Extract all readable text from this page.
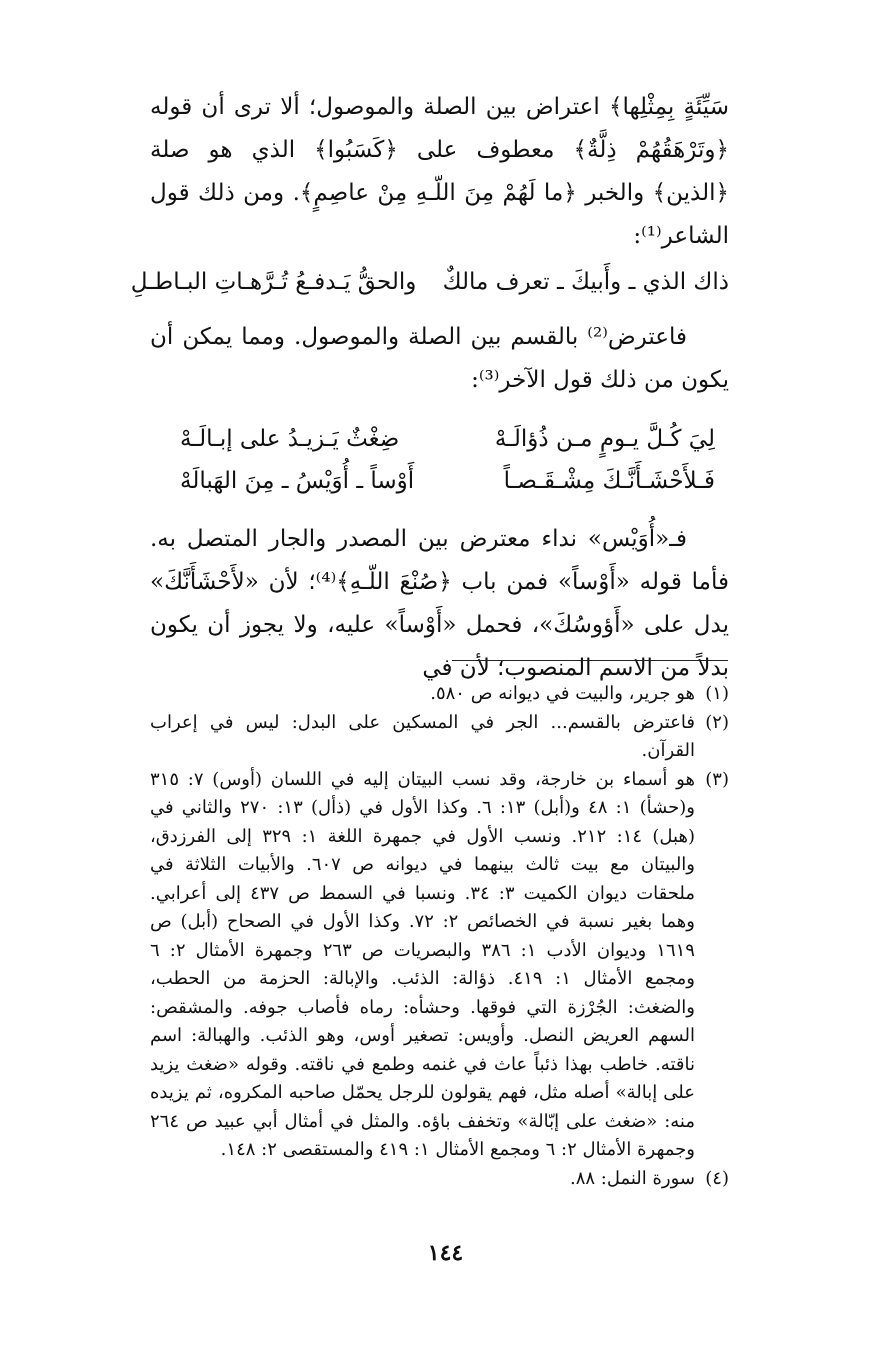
سَيِّئَةٍ بِمِثْلِها﴾ اعتراض بين الصلة والموصول؛ ألا ترى أن قوله ﴿وتَرْهَقُهُمْ ذِلَّةٌ﴾ معطوف على ﴿كَسَبُوا﴾ الذي هو صلة ﴿الذين﴾ والخبر ﴿ما لَهُمْ مِنَ اللّـهِ مِنْ عاصِمٍ﴾. ومن ذلك قول الشاعر⁽¹⁾:

ذاك الذي ـ وأَبيكَ ـ تعرف مالكٌ
والحقُّ يَـدفـعُ تُـرَّهـاتِ البـاطـلِ

فاعترض⁽²⁾ بالقسم بين الصلة والموصول. ومما يمكن أن يكون من ذلك قول الآخر⁽³⁾:

لِيَ كُـلَّ يـومٍ مـن ذُؤالَـهْ
ضِغْثٌ يَـزيـدُ على إبـالَـهْ
فَـلأَحْشَـأَنَّـكَ مِشْـقَـصـاً
أَوْساً ـ أُوَيْسُ ـ مِنَ الهَبالَهْ

فـ«أُوَيْس» نداء معترض بين المصدر والجار المتصل به. فأما قوله «أَوْساً» فمن باب ﴿صُنْعَ اللّـهِ﴾⁽⁴⁾؛ لأن «لأَحْشَأَنَّكَ» يدل على «أَؤوسُكَ»، فحمل «أَوْساً» عليه، ولا يجوز أن يكون بدلاً من الاسم المنصوب؛ لأن في

(١)
هو جرير، والبيت في ديوانه ص ٥٨٠.
(٢)
فاعترض بالقسم... الجر في المسكين على البدل: ليس في إعراب القرآن.
(٣)
هو أسماء بن خارجة، وقد نسب البيتان إليه في اللسان (أوس) ٧: ٣١٥ و(حشأ) ١: ٤٨ و(أبل) ١٣: ٦. وكذا الأول في (ذأل) ١٣: ٢٧٠ والثاني في (هبل) ١٤: ٢١٢. ونسب الأول في جمهرة اللغة ١: ٣٢٩ إلى الفرزدق، والبيتان مع بيت ثالث بينهما في ديوانه ص ٦٠٧. والأبيات الثلاثة في ملحقات ديوان الكميت ٣: ٣٤. ونسبا في السمط ص ٤٣٧ إلى أعرابي. وهما بغير نسبة في الخصائص ٢: ٧٢. وكذا الأول في الصحاح (أبل) ص ١٦١٩ وديوان الأدب ١: ٣٨٦ والبصريات ص ٢٦٣ وجمهرة الأمثال ٢: ٦ ومجمع الأمثال ١: ٤١٩. ذؤالة: الذئب. والإبالة: الحزمة من الحطب، والضغث: الجُرْزة التي فوقها. وحشأه: رماه فأصاب جوفه. والمشقص: السهم العريض النصل. وأويس: تصغير أوس، وهو الذئب. والهبالة: اسم ناقته. خاطب بهذا ذئباً عاث في غنمه وطمع في ناقته. وقوله «ضغث يزيد على إبالة» أصله مثل، فهم يقولون للرجل يحمّل صاحبه المكروه، ثم يزيده منه: «ضغث على إبّالة» وتخفف باؤه. والمثل في أمثال أبي عبيد ص ٢٦٤ وجمهرة الأمثال ٢: ٦ ومجمع الأمثال ١: ٤١٩ والمستقصى ٢: ١٤٨.
(٤)
سورة النمل: ٨٨.
١٤٤
